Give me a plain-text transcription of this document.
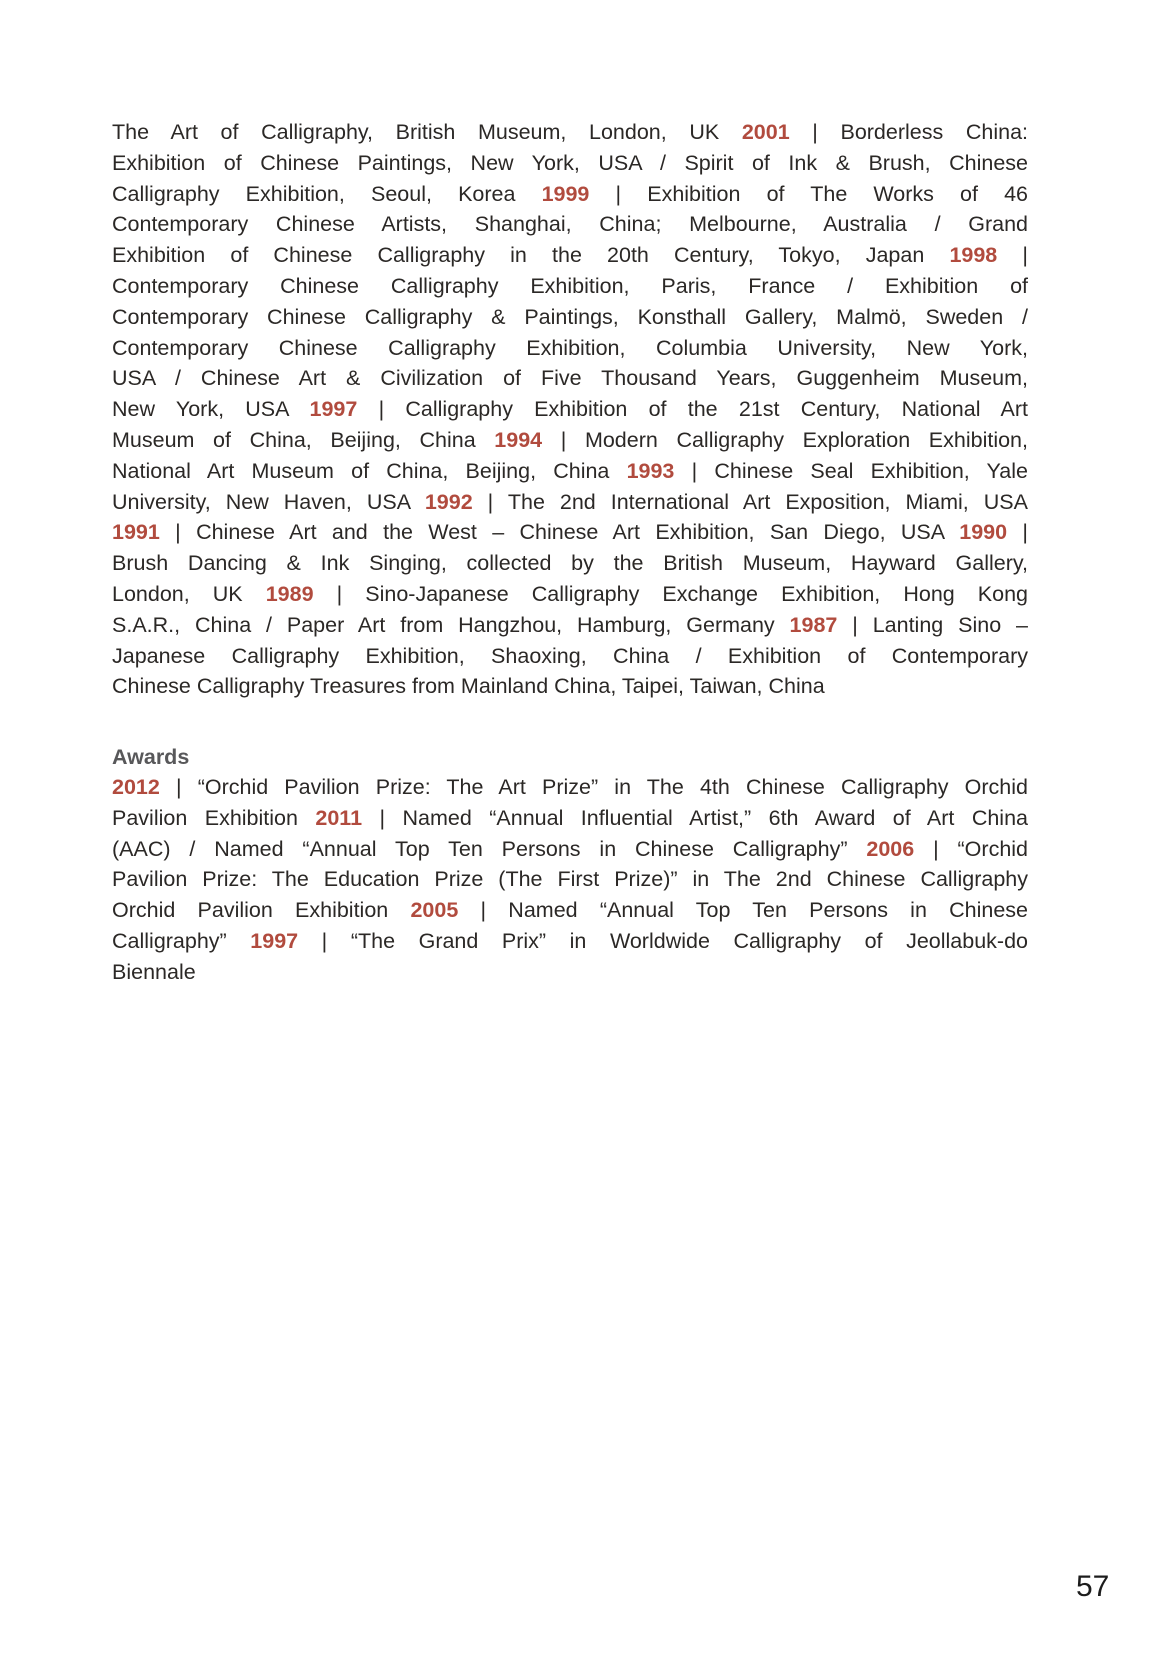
The Art of Calligraphy, British Museum, London, UK 2001 | Borderless China:
Exhibition of Chinese Paintings, New York, USA / Spirit of Ink & Brush, Chinese
Calligraphy Exhibition, Seoul, Korea 1999 | Exhibition of The Works of 46
Contemporary Chinese Artists, Shanghai, China; Melbourne, Australia / Grand
Exhibition of Chinese Calligraphy in the 20th Century, Tokyo, Japan 1998 |
Contemporary Chinese Calligraphy Exhibition, Paris, France / Exhibition of
Contemporary Chinese Calligraphy & Paintings, Konsthall Gallery, Malmö, Sweden /
Contemporary Chinese Calligraphy Exhibition, Columbia University, New York,
USA / Chinese Art & Civilization of Five Thousand Years, Guggenheim Museum,
New York, USA 1997 | Calligraphy Exhibition of the 21st Century, National Art
Museum of China, Beijing, China 1994 | Modern Calligraphy Exploration Exhibition,
National Art Museum of China, Beijing, China 1993 | Chinese Seal Exhibition, Yale
University, New Haven, USA 1992 | The 2nd International Art Exposition, Miami, USA
1991 | Chinese Art and the West – Chinese Art Exhibition, San Diego, USA 1990 |
Brush Dancing & Ink Singing, collected by the British Museum, Hayward Gallery,
London, UK 1989 | Sino-Japanese Calligraphy Exchange Exhibition, Hong Kong
S.A.R., China / Paper Art from Hangzhou, Hamburg, Germany 1987 | Lanting Sino –
Japanese Calligraphy Exhibition, Shaoxing, China / Exhibition of Contemporary
Chinese Calligraphy Treasures from Mainland China, Taipei, Taiwan, China
Awards
2012 | “Orchid Pavilion Prize: The Art Prize” in The 4th Chinese Calligraphy Orchid
Pavilion Exhibition 2011 | Named “Annual Influential Artist,” 6th Award of Art China
(AAC) / Named “Annual Top Ten Persons in Chinese Calligraphy” 2006 | “Orchid
Pavilion Prize: The Education Prize (The First Prize)” in The 2nd Chinese Calligraphy
Orchid Pavilion Exhibition 2005 | Named “Annual Top Ten Persons in Chinese
Calligraphy” 1997 | “The Grand Prix” in Worldwide Calligraphy of Jeollabuk-do
Biennale
57
